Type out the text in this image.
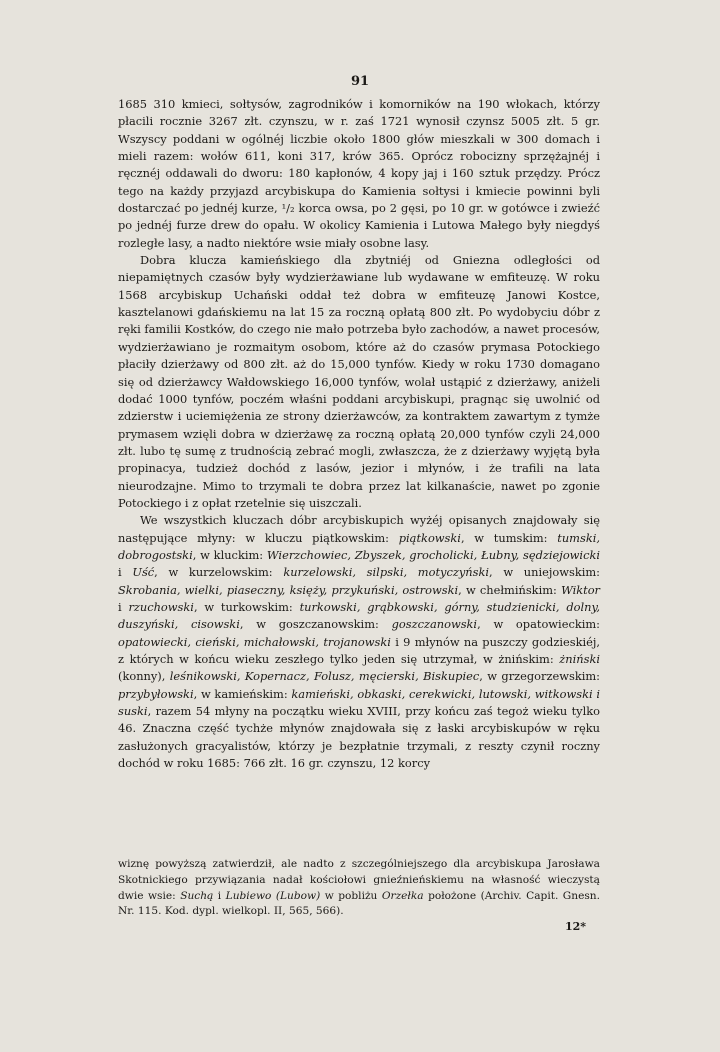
91

1685 310 kmieci, sołtysów, zagrodników i komorników na 190 włokach, którzy płacili rocznie 3267 złt. czynszu, w r. zaś 1721 wynosił czynsz 5005 złt. 5 gr. Wszyscy poddani w ogólnéj liczbie około 1800 głów mieszkali w 300 domach i mieli razem: wołów 611, koni 317, krów 365. Oprócz robocizny sprzężajnéj i ręcznéj oddawali do dworu: 180 kapłonów, 4 kopy jaj i 160 sztuk przędzy. Prócz tego na każdy przyjazd arcybiskupa do Kamienia sołtysi i kmiecie powinni byli dostarczać po jednéj kurze, ¹/₂ korca owsa, po 2 gęsi, po 10 gr. w gotówce i zwieźć po jednéj furze drew do opału. W okolicy Kamienia i Lutowa Małego były niegdyś rozległe lasy, a nadto niektóre wsie miały osobne lasy.

Dobra klucza kamieńskiego dla zbytniéj od Gniezna odległości od niepamiętnych czasów były wydzierżawiane lub wydawane w emfiteuzę. W roku 1568 arcybiskup Uchański oddał też dobra w emfiteuzę Janowi Kostce, kasztelanowi gdańskiemu na lat 15 za roczną opłatą 800 złt. Po wydobyciu dóbr z ręki familii Kostków, do czego nie mało potrzeba było zachodów, a nawet procesów, wydzierżawiano je rozmaitym osobom, które aż do czasów prymasa Potockiego płaciły dzierżawy od 800 złt. aż do 15,000 tynfów. Kiedy w roku 1730 domagano się od dzierżawcy Wałdowskiego 16,000 tynfów, wolał ustąpić z dzierżawy, aniżeli dodać 1000 tynfów, poczém właśni poddani arcybiskupi, pragnąc się uwolnić od zdzierstw i uciemiężenia ze strony dzierżawców, za kontraktem zawartym z tymże prymasem wzięli dobra w dzierżawę za roczną opłatą 20,000 tynfów czyli 24,000 złt. lubo tę sumę z trudnością zebrać mogli, zwłaszcza, że z dzierżawy wyjętą była propinacya, tudzież dochód z lasów, jezior i młynów, i że trafili na lata nieurodzajne. Mimo to trzymali te dobra przez lat kilkanaście, nawet po zgonie Potockiego i z opłat rzetelnie się uiszczali.

We wszystkich kluczach dóbr arcybiskupich wyżéj opisanych znajdowały się następujące młyny: w kluczu piątkowskim: piątkowski, w tumskim: tumski, dobrogostski, w kluckim: Wierzchowiec, Zbyszek, grocholicki, Łubny, sędziejowicki i Uść, w kurzelowskim: kurzelowski, silpski, motyczyński, w uniejowskim: Skrobania, wielki, piaseczny, księży, przykuński, ostrowski, w chełmińskim: Wiktor i rzuchowski, w turkowskim: turkowski, grąbkowski, górny, studzienicki, dolny, duszyński, cisowski, w goszczanowskim: goszczanowski, w opatowieckim: opatowiecki, cieński, michałowski, trojanowski i 9 młynów na puszczy godzieskiéj, z których w końcu wieku zeszłego tylko jeden się utrzymał, w żnińskim: żniński (konny), leśnikowski, Kopernacz, Folusz, męcierski, Biskupiec, w grzegorzewskim: przybyłowski, w kamieńskim: kamieński, obkaski, cerekwicki, lutowski, witkowski i suski, razem 54 młyny na początku wieku XVIII, przy końcu zaś tegoż wieku tylko 46. Znaczna część tychże młynów znajdowała się z łaski arcybiskupów w ręku zasłużonych gracyalistów, którzy je bezpłatnie trzymali, z reszty czynił roczny dochód w roku 1685: 766 złt. 16 gr. czynszu, 12 korcy

wiznę powyższą zatwierdził, ale nadto z szczególniejszego dla arcybiskupa Jarosława Skotnickiego przywiązania nadał kościołowi gnieźnieńskiemu na własność wieczystą dwie wsie: Suchą i Lubiewo (Lubow) w pobliżu Orzełka położone (Archiv. Capit. Gnesn. Nr. 115. Kod. dypl. wielkopl. II, 565, 566).
12*
